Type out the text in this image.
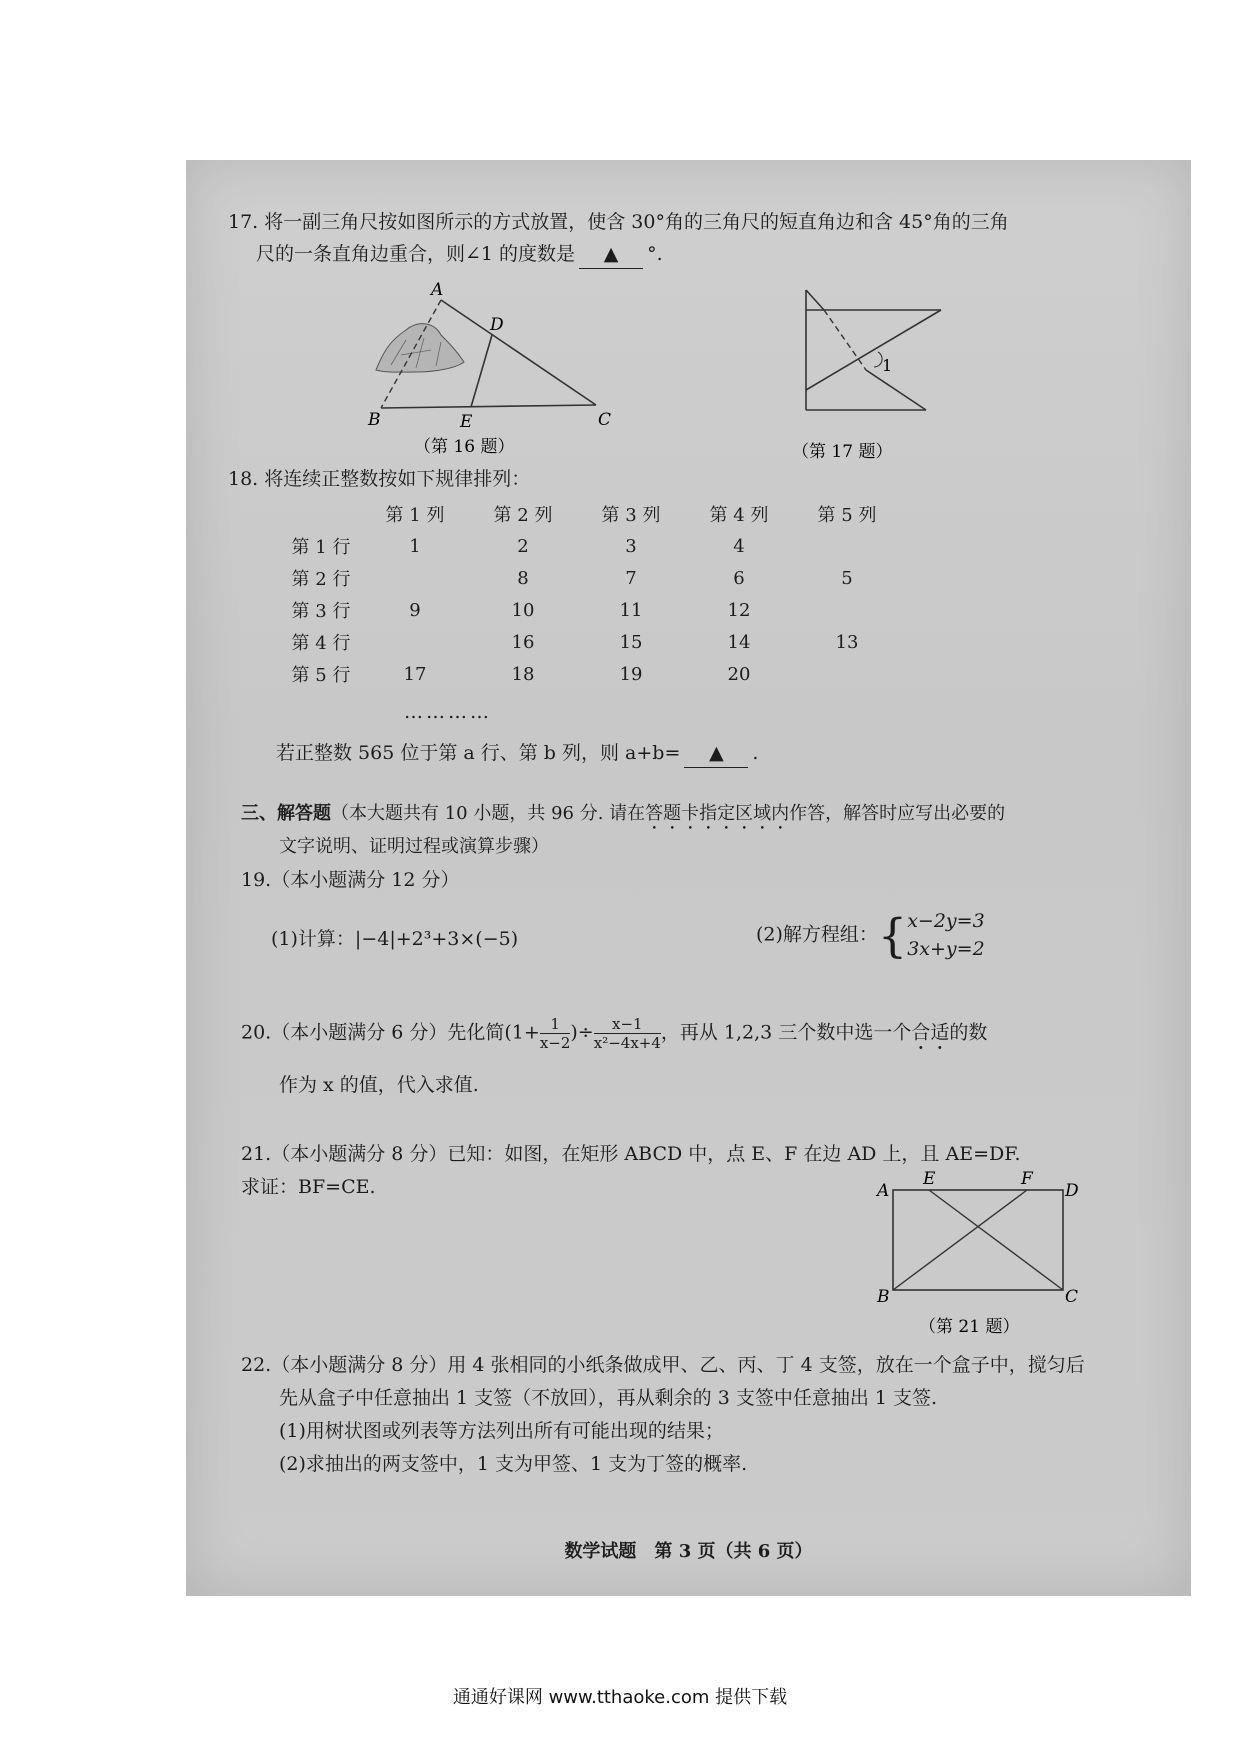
17. 将一副三角尺按如图所示的方式放置，使含 30°角的三角尺的短直角边和含 45°角的三角
尺的一条直角边重合，则∠1 的度数是 ▲ °.
A
B	C
D
E
（第 16 题）
1
（第 17 题）
18. 将连续正整数按如下规律排列：
	第 1 列	第 2 列	第 3 列	第 4 列	第 5 列
第 1 行	1	2	3	4	
第 2 行		8	7	6	5
第 3 行	9	10	11	12	
第 4 行		16	15	14	13
第 5 行	17	18	19	20	
…………
若正整数 565 位于第 a 行、第 b 列，则 a+b= ▲ .
三、解答题（本大题共有 10 小题，共 96 分. 请在答题卡指定区域内作答，解答时应写出必要的
文字说明、证明过程或演算步骤）
19.（本小题满分 12 分）
(1)计算：|−4|+2³+3×(−5)	(2)解方程组：{ x−2y=3
3x+y=2
20.（本小题满分 6 分）先化简($1+ \frac{1}{x-2}$ )÷ $\frac{x-1}{\text{x²−4x+4}}$ ，再从 1,2,3 三个数中选一个合适的数
作为 x 的值，代入求值.
21.（本小题满分 8 分）已知：如图，在矩形 ABCD 中，点 E、F 在边 AD 上，且 AE=DF.
求证：BF=CE.	A
E	F
D
B	C
（第 21 题）
22.（本小题满分 8 分）用 4 张相同的小纸条做成甲、乙、丙、丁 4 支签，放在一个盒子中，搅匀后
先从盒子中任意抽出 1 支签（不放回），再从剩余的 3 支签中任意抽出 1 支签.
(1)用树状图或列表等方法列出所有可能出现的结果；
(2)求抽出的两支签中，1 支为甲签、1 支为丁签的概率.
数学试题　第 3 页（共 6 页）
通通好课网 www.tthaoke.com 提供下载
